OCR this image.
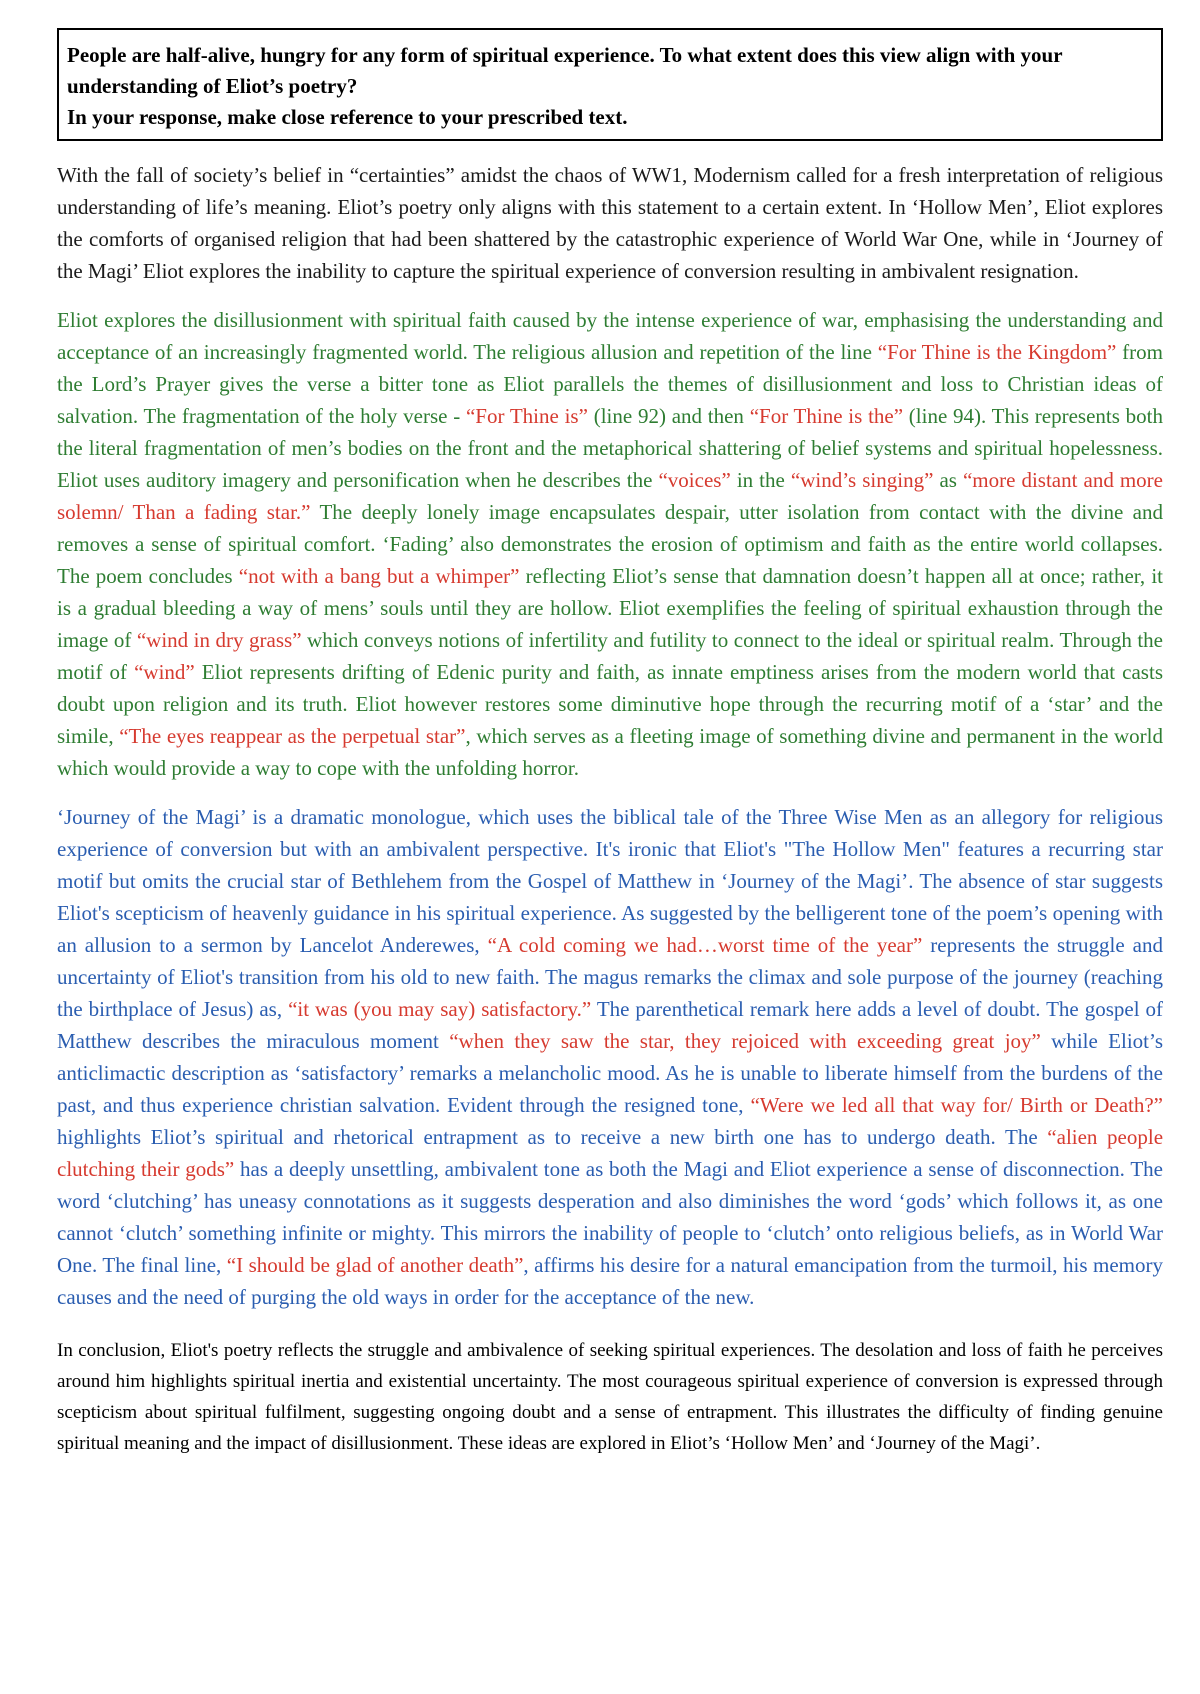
People are half-alive, hungry for any form of spiritual experience. To what extent does this view align with your understanding of Eliot’s poetry?

In your response, make close reference to your prescribed text.

With the fall of society’s belief in “certainties” amidst the chaos of WW1, Modernism called for a fresh interpretation of religious understanding of life’s meaning. Eliot’s poetry only aligns with this statement to a certain extent. In ‘Hollow Men’, Eliot explores the comforts of organised religion that had been shattered by the catastrophic experience of World War One, while in ‘Journey of the Magi’ Eliot explores the inability to capture the spiritual experience of conversion resulting in ambivalent resignation.

Eliot explores the disillusionment with spiritual faith caused by the intense experience of war, emphasising the understanding and acceptance of an increasingly fragmented world. The religious allusion and repetition of the line “For Thine is the Kingdom” from the Lord’s Prayer gives the verse a bitter tone as Eliot parallels the themes of disillusionment and loss to Christian ideas of salvation. The fragmentation of the holy verse - “For Thine is” (line 92) and then “For Thine is the” (line 94). This represents both the literal fragmentation of men’s bodies on the front and the metaphorical shattering of belief systems and spiritual hopelessness. Eliot uses auditory imagery and personification when he describes the “voices” in the “wind’s singing” as “more distant and more solemn/ Than a fading star.” The deeply lonely image encapsulates despair, utter isolation from contact with the divine and removes a sense of spiritual comfort. ‘Fading’ also demonstrates the erosion of optimism and faith as the entire world collapses. The poem concludes “not with a bang but a whimper” reflecting Eliot’s sense that damnation doesn’t happen all at once; rather, it is a gradual bleeding a way of mens’ souls until they are hollow. Eliot exemplifies the feeling of spiritual exhaustion through the image of “wind in dry grass” which conveys notions of infertility and futility to connect to the ideal or spiritual realm. Through the motif of “wind” Eliot represents drifting of Edenic purity and faith, as innate emptiness arises from the modern world that casts doubt upon religion and its truth. Eliot however restores some diminutive hope through the recurring motif of a ‘star’ and the simile, “The eyes reappear as the perpetual star”, which serves as a fleeting image of something divine and permanent in the world which would provide a way to cope with the unfolding horror.

‘Journey of the Magi’ is a dramatic monologue, which uses the biblical tale of the Three Wise Men as an allegory for religious experience of conversion but with an ambivalent perspective. It's ironic that Eliot's "The Hollow Men" features a recurring star motif but omits the crucial star of Bethlehem from the Gospel of Matthew in ‘Journey of the Magi’. The absence of star suggests Eliot's scepticism of heavenly guidance in his spiritual experience. As suggested by the belligerent tone of the poem’s opening with an allusion to a sermon by Lancelot Anderewes, “A cold coming we had…worst time of the year” represents the struggle and uncertainty of Eliot's transition from his old to new faith. The magus remarks the climax and sole purpose of the journey (reaching the birthplace of Jesus) as, “it was (you may say) satisfactory.” The parenthetical remark here adds a level of doubt. The gospel of Matthew describes the miraculous moment “when they saw the star, they rejoiced with exceeding great joy” while Eliot’s anticlimactic description as ‘satisfactory’ remarks a melancholic mood. As he is unable to liberate himself from the burdens of the past, and thus experience christian salvation. Evident through the resigned tone, “Were we led all that way for/ Birth or Death?” highlights Eliot’s spiritual and rhetorical entrapment as to receive a new birth one has to undergo death. The “alien people clutching their gods” has a deeply unsettling, ambivalent tone as both the Magi and Eliot experience a sense of disconnection. The word ‘clutching’ has uneasy connotations as it suggests desperation and also diminishes the word ‘gods’ which follows it, as one cannot ‘clutch’ something infinite or mighty. This mirrors the inability of people to ‘clutch’ onto religious beliefs, as in World War One. The final line, “I should be glad of another death”, affirms his desire for a natural emancipation from the turmoil, his memory causes and the need of purging the old ways in order for the acceptance of the new.

In conclusion, Eliot's poetry reflects the struggle and ambivalence of seeking spiritual experiences. The desolation and loss of faith he perceives around him highlights spiritual inertia and existential uncertainty. The most courageous spiritual experience of conversion is expressed through scepticism about spiritual fulfilment, suggesting ongoing doubt and a sense of entrapment. This illustrates the difficulty of finding genuine spiritual meaning and the impact of disillusionment. These ideas are explored in Eliot’s ‘Hollow Men’ and ‘Journey of the Magi’.
